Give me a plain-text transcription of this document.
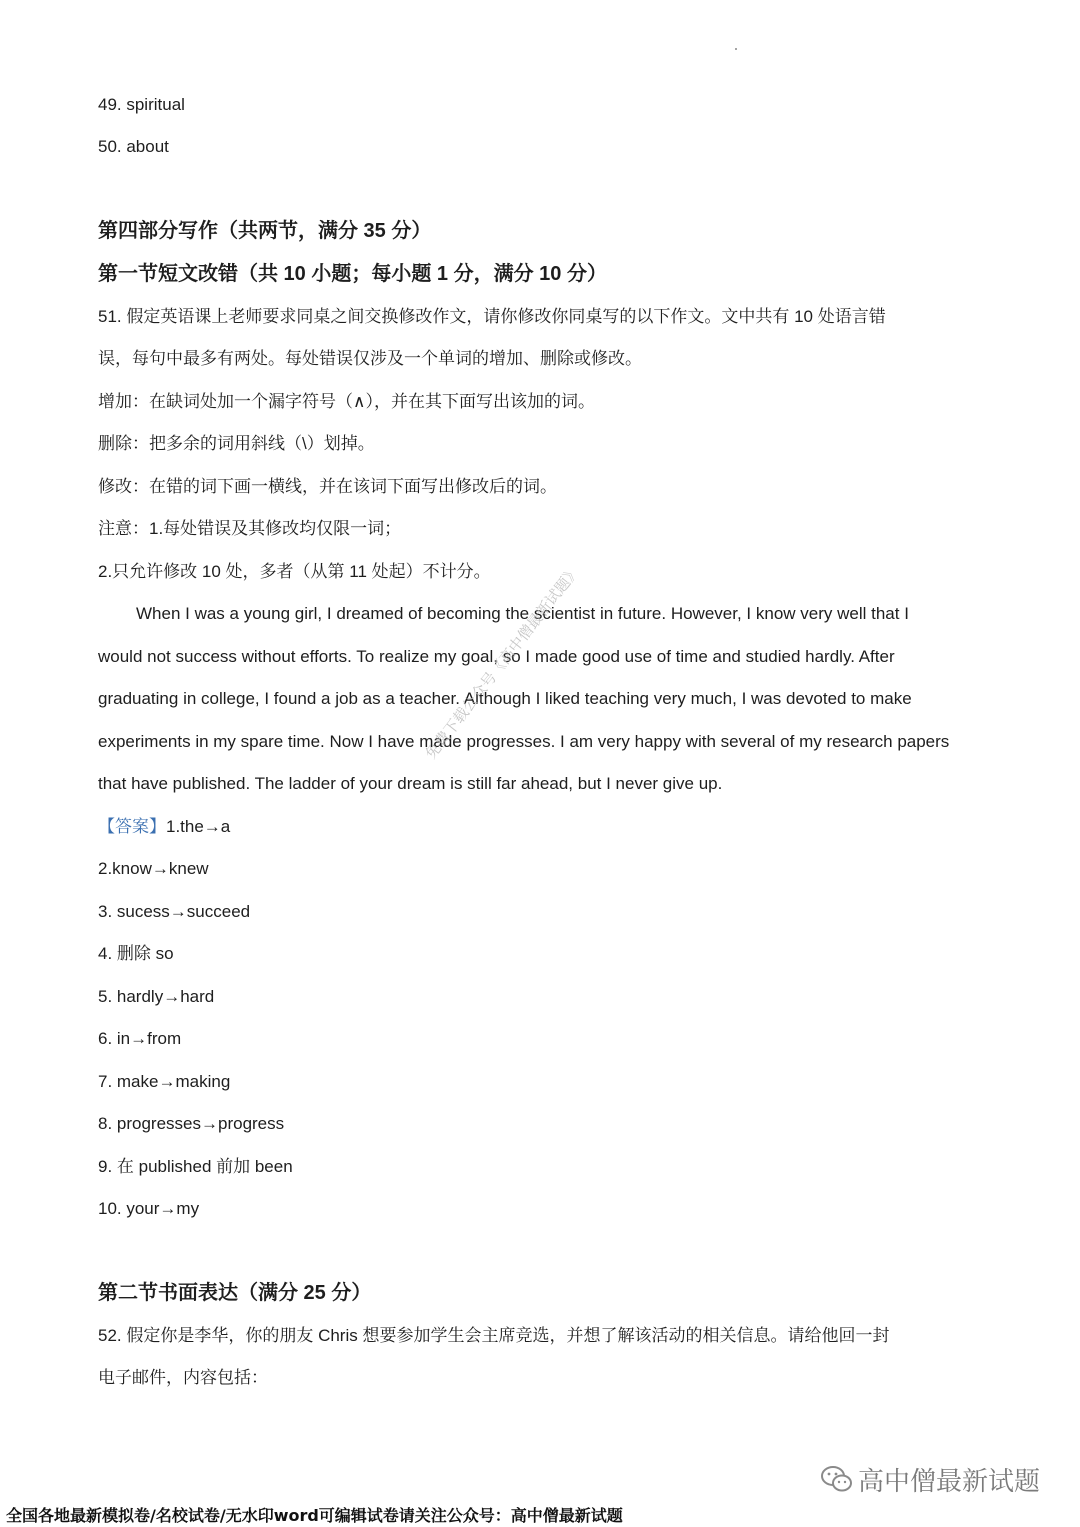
49. spiritual
50. about
第四部分写作（共两节，满分 35 分）
第一节短文改错（共 10 小题；每小题 1 分，满分 10 分）
51. 假定英语课上老师要求同桌之间交换修改作文，请你修改你同桌写的以下作文。文中共有 10 处语言错
误，每句中最多有两处。每处错误仅涉及一个单词的增加、删除或修改。
增加：在缺词处加一个漏字符号（∧），并在其下面写出该加的词。
删除：把多余的词用斜线（\）划掉。
修改：在错的词下画一横线，并在该词下面写出修改后的词。
注意：1.每处错误及其修改均仅限一词；
2.只允许修改 10 处，多者（从第 11 处起）不计分。
When I was a young girl, I dreamed of becoming the scientist in future. However, I know very well that I
would not success without efforts. To realize my goal, so I made good use of time and studied hardly. After
graduating in college, I found a job as a teacher. Although I liked teaching very much, I was devoted to make
experiments in my spare time. Now I have made progresses. I am very happy with several of my research papers
that have published. The ladder of your dream is still far ahead, but I never give up.
【答案】1.the→a
2.know→knew
3. sucess→succeed
4. 删除 so
5. hardly→hard
6. in→from
7. make→making
8. progresses→progress
9. 在 published 前加 been
10. your→my
第二节书面表达（满分 25 分）
52. 假定你是李华，你的朋友 Chris 想要参加学生会主席竞选，并想了解该活动的相关信息。请给他回一封
电子邮件，内容包括：
免费下载公众号《高中僧最新试题》
高中僧最新试题
全国各地最新模拟卷/名校试卷/无水印word可编辑试卷请关注公众号：高中僧最新试题
